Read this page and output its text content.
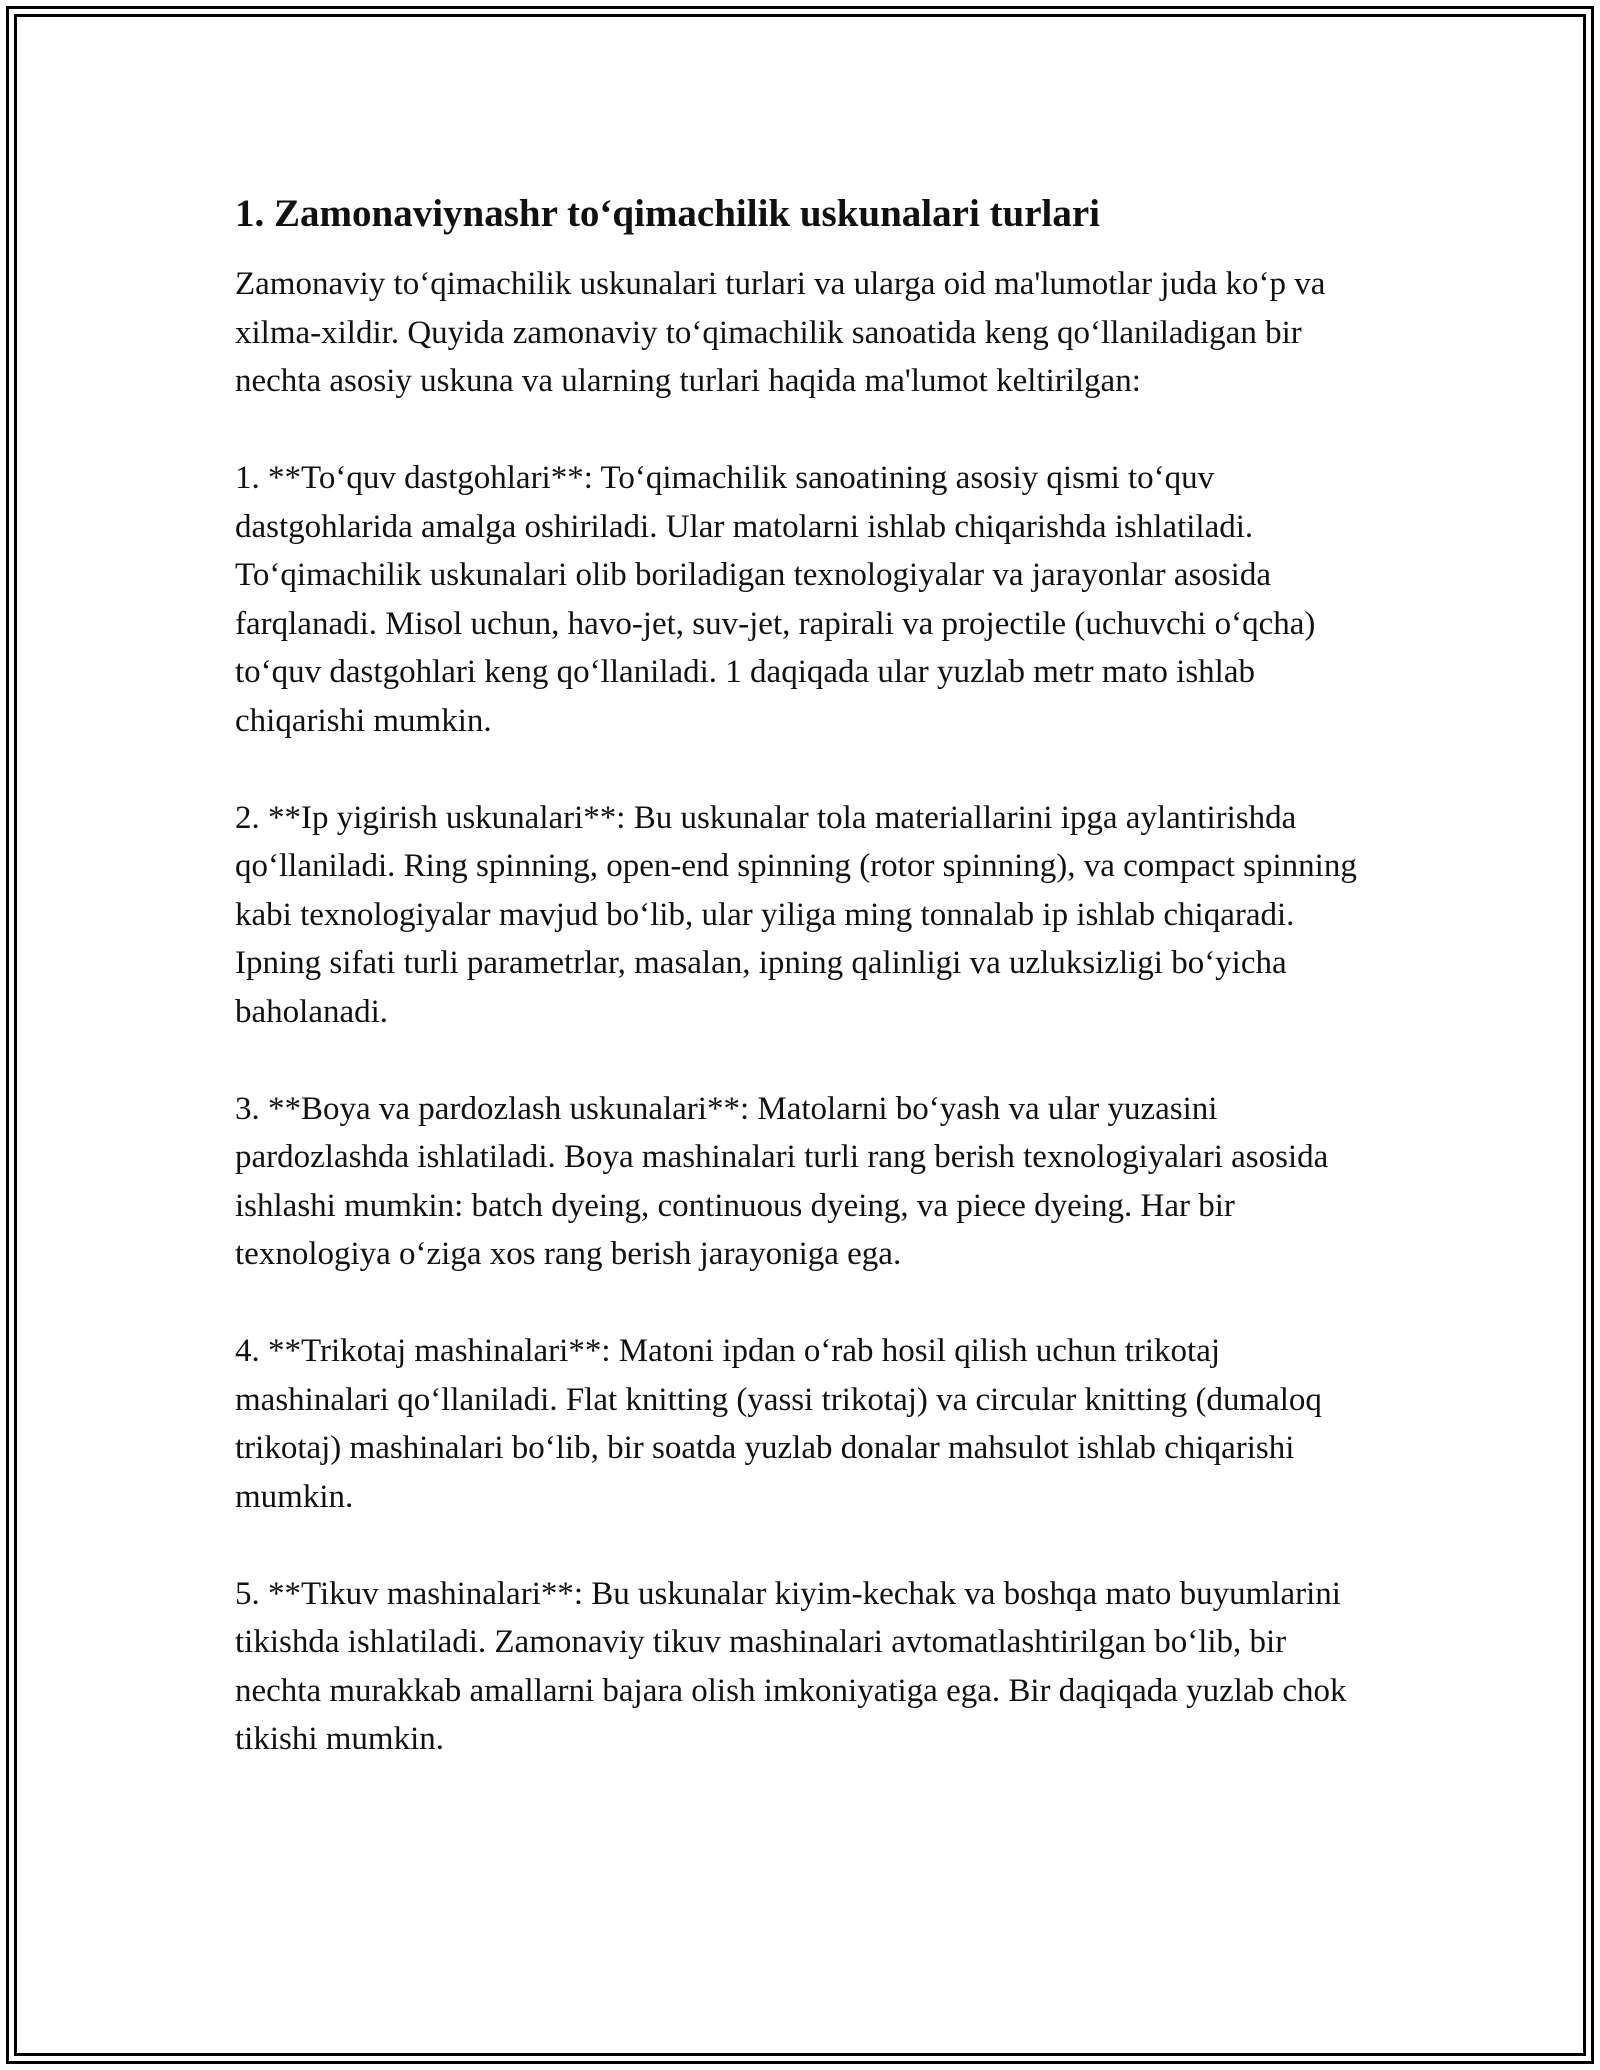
1. Zamonaviynashr to‘qimachilik uskunalari turlari

Zamonaviy to‘qimachilik uskunalari turlari va ularga oid ma'lumotlar juda ko‘p va xilma-xildir. Quyida zamonaviy to‘qimachilik sanoatida keng qo‘llaniladigan bir nechta asosiy uskuna va ularning turlari haqida ma'lumot keltirilgan:

1. **To‘quv dastgohlari**: To‘qimachilik sanoatining asosiy qismi to‘quv dastgohlarida amalga oshiriladi. Ular matolarni ishlab chiqarishda ishlatiladi. To‘qimachilik uskunalari olib boriladigan texnologiyalar va jarayonlar asosida farqlanadi. Misol uchun, havo-jet, suv-jet, rapirali va projectile (uchuvchi o‘qcha) to‘quv dastgohlari keng qo‘llaniladi. 1 daqiqada ular yuzlab metr mato ishlab chiqarishi mumkin.

2. **Ip yigirish uskunalari**: Bu uskunalar tola materiallarini ipga aylantirishda qo‘llaniladi. Ring spinning, open-end spinning (rotor spinning), va compact spinning kabi texnologiyalar mavjud bo‘lib, ular yiliga ming tonnalab ip ishlab chiqaradi. Ipning sifati turli parametrlar, masalan, ipning qalinligi va uzluksizligi bo‘yicha baholanadi.

3. **Boya va pardozlash uskunalari**: Matolarni bo‘yash va ular yuzasini pardozlashda ishlatiladi. Boya mashinalari turli rang berish texnologiyalari asosida ishlashi mumkin: batch dyeing, continuous dyeing, va piece dyeing. Har bir texnologiya o‘ziga xos rang berish jarayoniga ega.

4. **Trikotaj mashinalari**: Matoni ipdan o‘rab hosil qilish uchun trikotaj mashinalari qo‘llaniladi. Flat knitting (yassi trikotaj) va circular knitting (dumaloq trikotaj) mashinalari bo‘lib, bir soatda yuzlab donalar mahsulot ishlab chiqarishi mumkin.

5. **Tikuv mashinalari**: Bu uskunalar kiyim-kechak va boshqa mato buyumlarini tikishda ishlatiladi. Zamonaviy tikuv mashinalari avtomatlashtirilgan bo‘lib, bir nechta murakkab amallarni bajara olish imkoniyatiga ega. Bir daqiqada yuzlab chok tikishi mumkin.
